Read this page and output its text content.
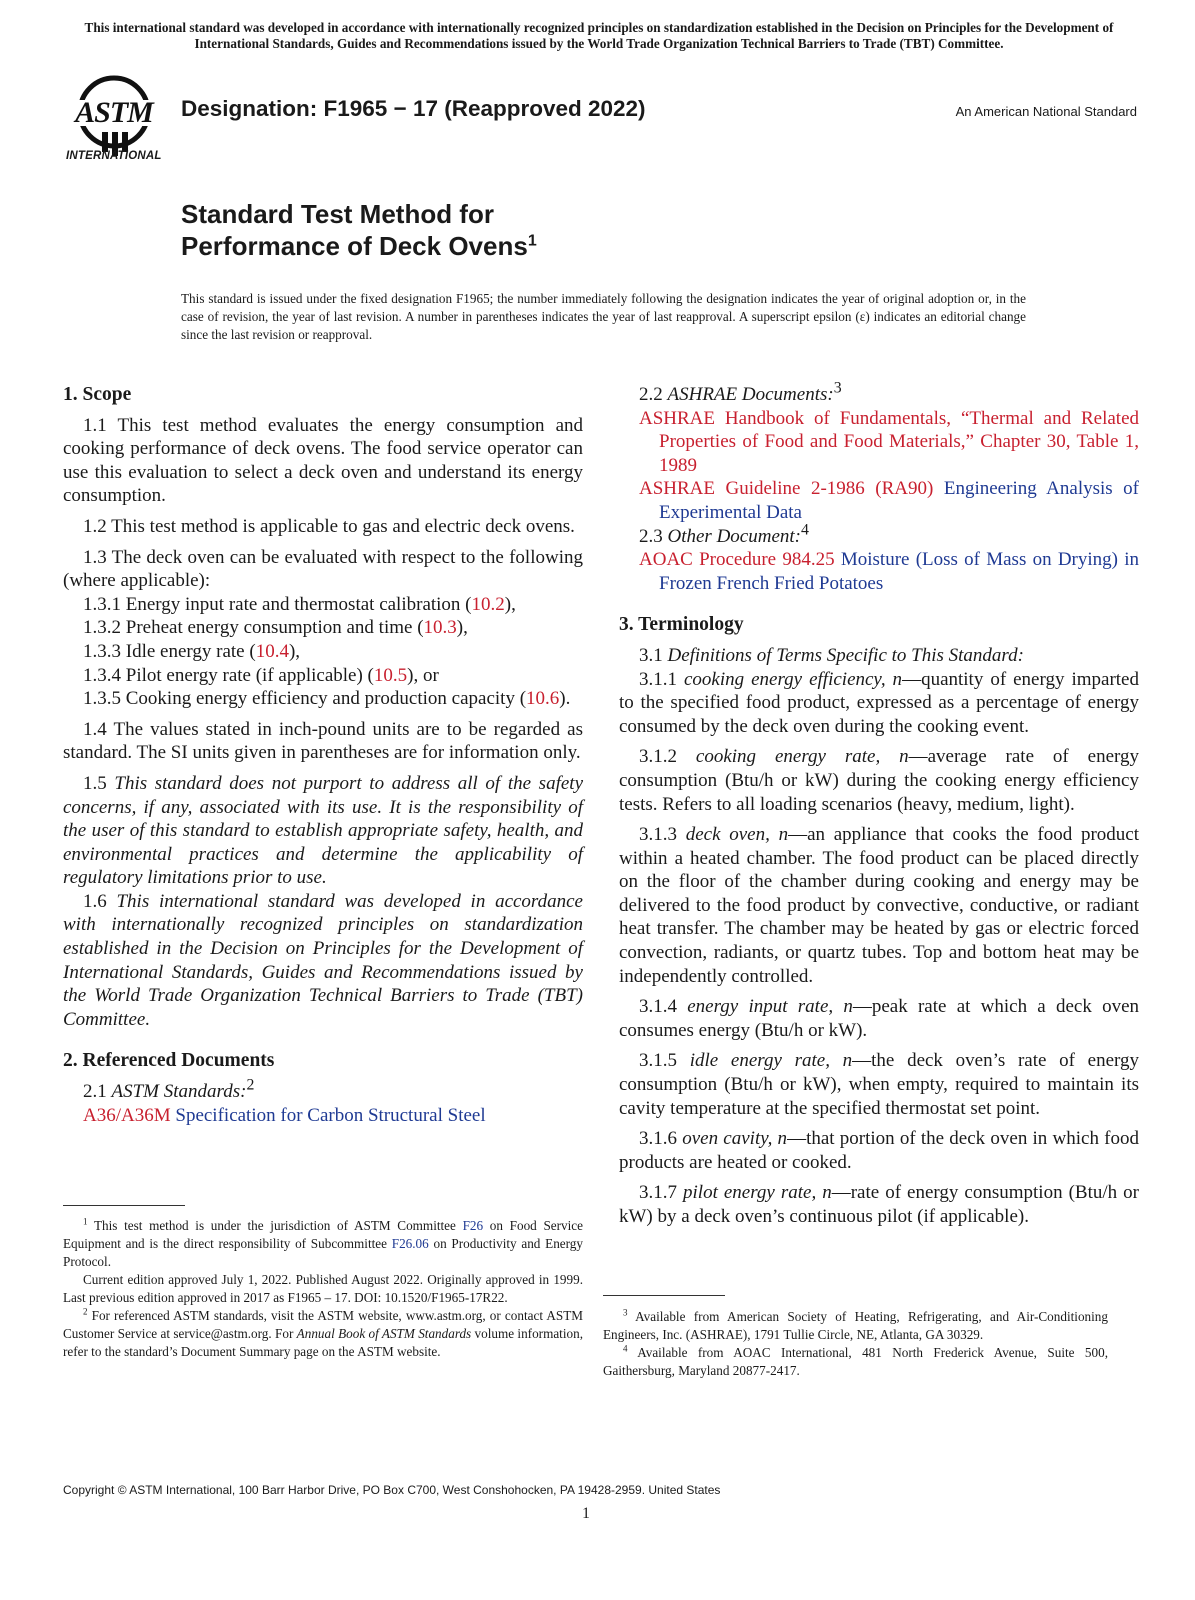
This international standard was developed in accordance with internationally recognized principles on standardization established in the Decision on Principles for the Development of International Standards, Guides and Recommendations issued by the World Trade Organization Technical Barriers to Trade (TBT) Committee.
ASTM
INTERNATIONAL
Designation: F1965 − 17 (Reapproved 2022)	An American National Standard
Standard Test Method for
Performance of Deck Ovens$^1$
This standard is issued under the fixed designation F1965; the number immediately following the designation indicates the year of original adoption or, in the case of revision, the year of last revision. A number in parentheses indicates the year of last reapproval. A superscript epsilon (ε) indicates an editorial change since the last revision or reapproval.
1. Scope

1.1 This test method evaluates the energy consumption and cooking performance of deck ovens. The food service operator can use this evaluation to select a deck oven and understand its energy consumption.

1.2 This test method is applicable to gas and electric deck ovens.

1.3 The deck oven can be evaluated with respect to the following (where applicable):

1.3.1 Energy input rate and thermostat calibration (10.2),

1.3.2 Preheat energy consumption and time (10.3),

1.3.3 Idle energy rate (10.4),

1.3.4 Pilot energy rate (if applicable) (10.5), or

1.3.5 Cooking energy efficiency and production capacity (10.6).

1.4 The values stated in inch-pound units are to be regarded as standard. The SI units given in parentheses are for information only.

1.5 This standard does not purport to address all of the safety concerns, if any, associated with its use. It is the responsibility of the user of this standard to establish appropriate safety, health, and environmental practices and determine the applicability of regulatory limitations prior to use.

1.6 This international standard was developed in accordance with internationally recognized principles on standardization established in the Decision on Principles for the Development of International Standards, Guides and Recommendations issued by the World Trade Organization Technical Barriers to Trade (TBT) Committee.

2. Referenced Documents

2.1 ASTM Standards:$^2$

A36/A36M Specification for Carbon Structural Steel

$^1$ This test method is under the jurisdiction of ASTM Committee F26 on Food Service Equipment and is the direct responsibility of Subcommittee F26.06 on Productivity and Energy Protocol.

Current edition approved July 1, 2022. Published August 2022. Originally approved in 1999. Last previous edition approved in 2017 as F1965 – 17. DOI: 10.1520/F1965-17R22.

$^2$ For referenced ASTM standards, visit the ASTM website, www.astm.org, or contact ASTM Customer Service at service@astm.org. For Annual Book of ASTM Standards volume information, refer to the standard’s Document Summary page on the ASTM website.

2.2 ASHRAE Documents:$^3$

ASHRAE Handbook of Fundamentals, “Thermal and Related Properties of Food and Food Materials,” Chapter 30, Table 1, 1989

ASHRAE Guideline 2-1986 (RA90) Engineering Analysis of Experimental Data

2.3 Other Document:$^4$

AOAC Procedure 984.25 Moisture (Loss of Mass on Drying) in Frozen French Fried Potatoes

3. Terminology

3.1 Definitions of Terms Specific to This Standard:

3.1.1 cooking energy efficiency, n—quantity of energy imparted to the specified food product, expressed as a percentage of energy consumed by the deck oven during the cooking event.

3.1.2 cooking energy rate, n—average rate of energy consumption (Btu/h or kW) during the cooking energy efficiency tests. Refers to all loading scenarios (heavy, medium, light).

3.1.3 deck oven, n—an appliance that cooks the food product within a heated chamber. The food product can be placed directly on the floor of the chamber during cooking and energy may be delivered to the food product by convective, conductive, or radiant heat transfer. The chamber may be heated by gas or electric forced convection, radiants, or quartz tubes. Top and bottom heat may be independently controlled.

3.1.4 energy input rate, n—peak rate at which a deck oven consumes energy (Btu/h or kW).

3.1.5 idle energy rate, n—the deck oven’s rate of energy consumption (Btu/h or kW), when empty, required to maintain its cavity temperature at the specified thermostat set point.

3.1.6 oven cavity, n—that portion of the deck oven in which food products are heated or cooked.

3.1.7 pilot energy rate, n—rate of energy consumption (Btu/h or kW) by a deck oven’s continuous pilot (if applicable).

$^3$ Available from American Society of Heating, Refrigerating, and Air-Conditioning Engineers, Inc. (ASHRAE), 1791 Tullie Circle, NE, Atlanta, GA 30329.

$^4$ Available from AOAC International, 481 North Frederick Avenue, Suite 500, Gaithersburg, Maryland 20877-2417.

Copyright © ASTM International, 100 Barr Harbor Drive, PO Box C700, West Conshohocken, PA 19428-2959. United States
1
